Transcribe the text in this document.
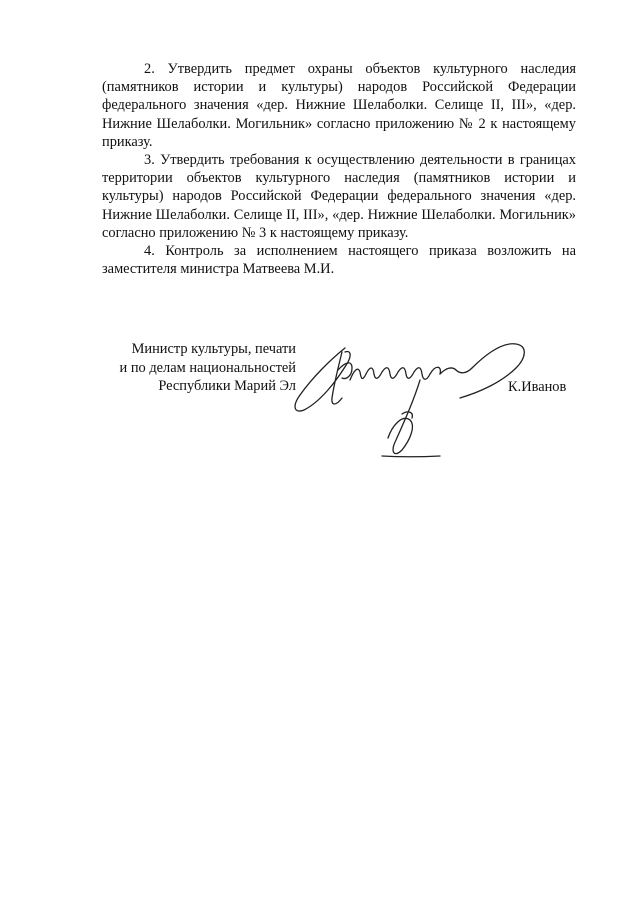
2. Утвердить предмет охраны объектов культурного наследия (памятников истории и культуры) народов Российской Федерации федерального значения «дер. Нижние Шелаболки. Селище II, III», «дер. Нижние Шелаболки. Могильник» согласно приложению № 2 к настоящему приказу.

3. Утвердить требования к осуществлению деятельности в границах территории объектов культурного наследия (памятников истории и культуры) народов Российской Федерации федерального значения «дер. Нижние Шелаболки. Селище II, III», «дер. Нижние Шелаболки. Могильник» согласно приложению № 3 к настоящему приказу.

4. Контроль за исполнением настоящего приказа возложить на заместителя министра Матвеева М.И.

Министр культуры, печати
и по делам национальностей
Республики Марий Эл	К.Иванов
